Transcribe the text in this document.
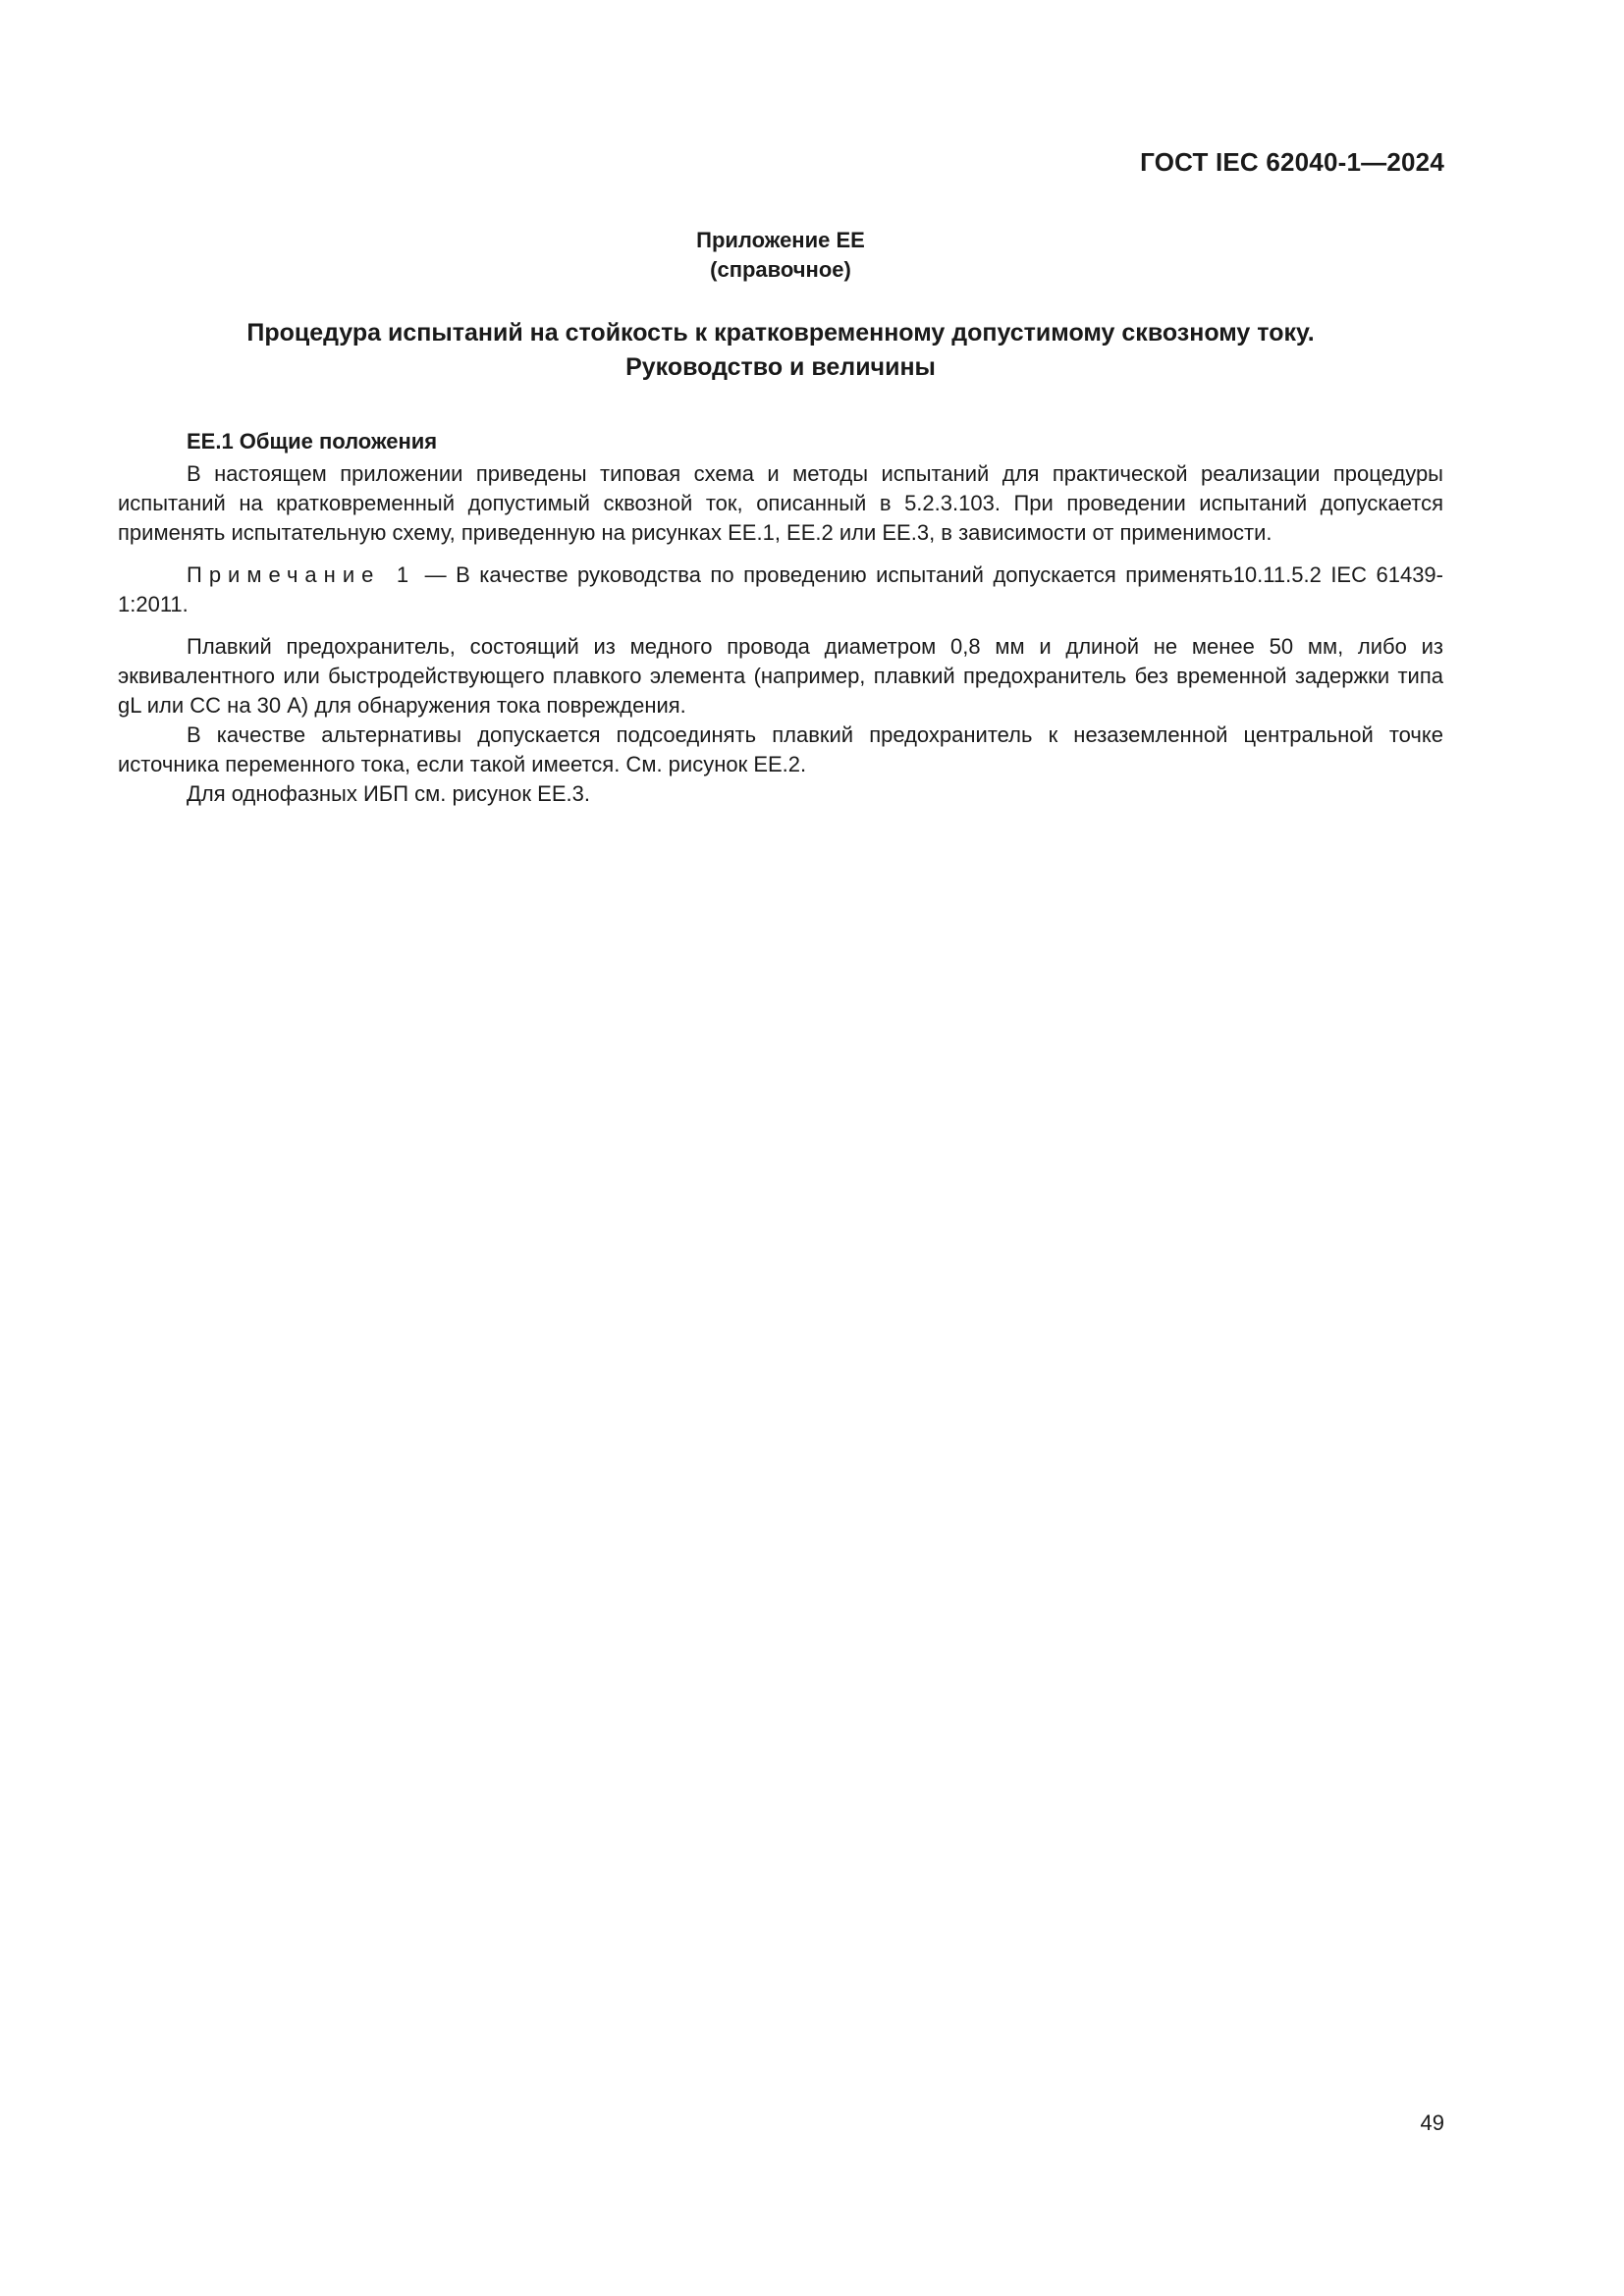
ГОСТ IEC 62040-1—2024
Приложение ЕЕ
(справочное)
Процедура испытаний на стойкость к кратковременному допустимому сквозному току.
Руководство и величины

ЕЕ.1 Общие положения

В настоящем приложении приведены типовая схема и методы испытаний для практической реализации процедуры испытаний на кратковременный допустимый сквозной ток, описанный в 5.2.3.103. При проведении испытаний допускается применять испытательную схему, приведенную на рисунках ЕЕ.1, ЕЕ.2 или ЕЕ.3, в зависимости от применимости.

Примечание 1 — В качестве руководства по проведению испытаний допускается применять10.11.5.2 IEC 61439-1:2011.

Плавкий предохранитель, состоящий из медного провода диаметром 0,8 мм и длиной не менее 50 мм, либо из эквивалентного или быстродействующего плавкого элемента (например, плавкий предохранитель без временной задержки типа gL или CC на 30 A) для обнаружения тока повреждения.

В качестве альтернативы допускается подсоединять плавкий предохранитель к незаземленной центральной точке источника переменного тока, если такой имеется. См. рисунок ЕЕ.2.

Для однофазных ИБП см. рисунок ЕЕ.3.

49
